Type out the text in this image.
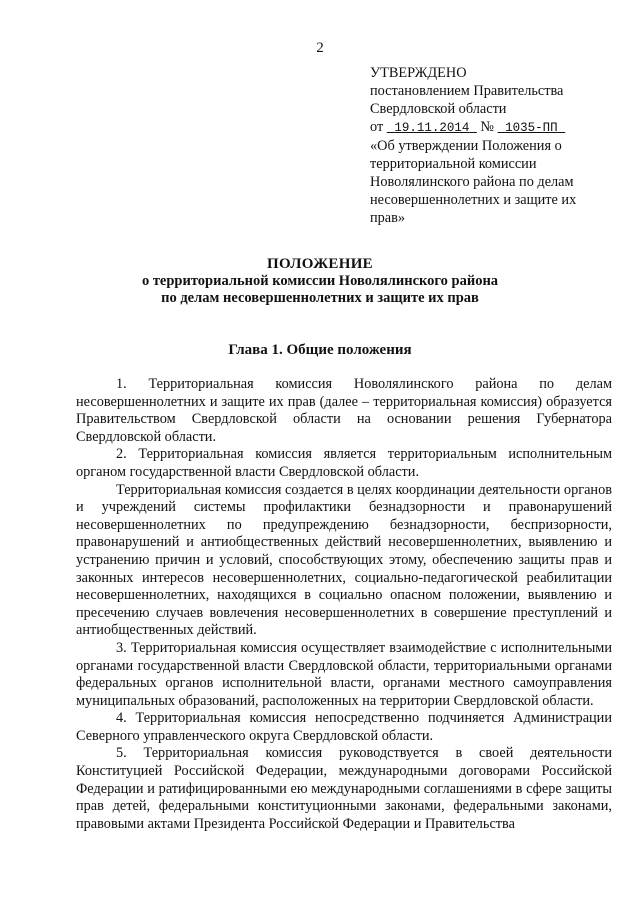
2
УТВЕРЖДЕНО
постановлением Правительства
Свердловской области
от 19.11.2014 № 1035-ПП
«Об утверждении Положения о
территориальной комиссии
Новолялинского района по делам
несовершеннолетних и защите их
прав»
ПОЛОЖЕНИЕ
о территориальной комиссии Новолялинского района
по делам несовершеннолетних и защите их прав
Глава 1. Общие положения

1. Территориальная комиссия Новолялинского района по делам несовершеннолетних и защите их прав (далее – территориальная комиссия) образуется Правительством Свердловской области на основании решения Губернатора Свердловской области.

2. Территориальная комиссия является территориальным исполнительным органом государственной власти Свердловской области.

Территориальная комиссия создается в целях координации деятельности органов и учреждений системы профилактики безнадзорности и правонарушений несовершеннолетних по предупреждению безнадзорности, беспризорности, правонарушений и антиобщественных действий несовершеннолетних, выявлению и устранению причин и условий, способствующих этому, обеспечению защиты прав и законных интересов несовершеннолетних, социально-педагогической реабилитации несовершеннолетних, находящихся в социально опасном положении, выявлению и пресечению случаев вовлечения несовершеннолетних в совершение преступлений и антиобщественных действий.

3. Территориальная комиссия осуществляет взаимодействие с исполнительными органами государственной власти Свердловской области, территориальными органами федеральных органов исполнительной власти, органами местного самоуправления муниципальных образований, расположенных на территории Свердловской области.

4. Территориальная комиссия непосредственно подчиняется Администрации Северного управленческого округа Свердловской области.

5. Территориальная комиссия руководствуется в своей деятельности Конституцией Российской Федерации, международными договорами Российской Федерации и ратифицированными ею международными соглашениями в сфере защиты прав детей, федеральными конституционными законами, федеральными законами, правовыми актами Президента Российской Федерации и Правительства
